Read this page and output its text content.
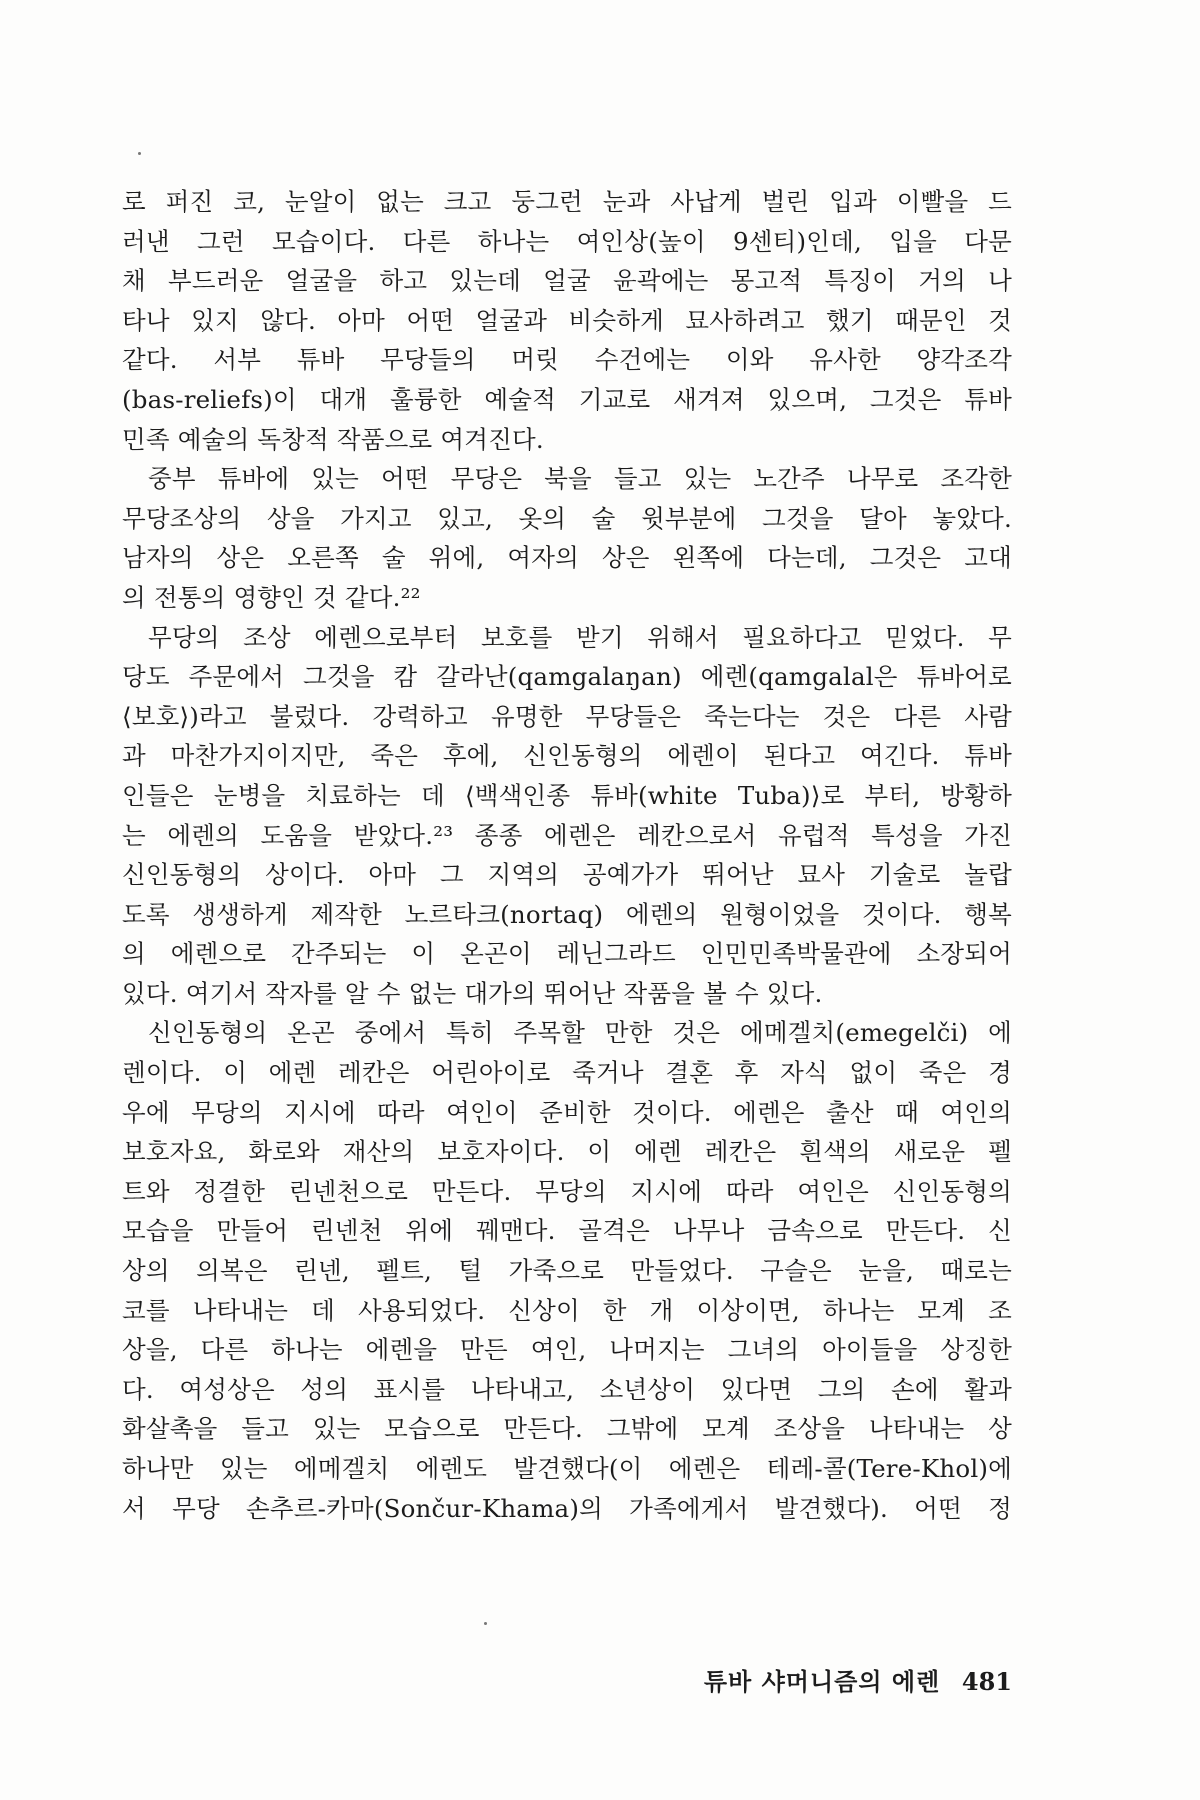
로 퍼진 코, 눈알이 없는 크고 둥그런 눈과 사납게 벌린 입과 이빨을 드
러낸 그런 모습이다. 다른 하나는 여인상(높이 9센티)인데, 입을 다문
채 부드러운 얼굴을 하고 있는데 얼굴 윤곽에는 몽고적 특징이 거의 나
타나 있지 않다. 아마 어떤 얼굴과 비슷하게 묘사하려고 했기 때문인 것
같다. 서부 튜바 무당들의 머릿 수건에는 이와 유사한 양각조각
(bas-reliefs)이 대개 훌륭한 예술적 기교로 새겨져 있으며, 그것은 튜바
민족 예술의 독창적 작품으로 여겨진다.
중부 튜바에 있는 어떤 무당은 북을 들고 있는 노간주 나무로 조각한
무당조상의 상을 가지고 있고, 옷의 술 윗부분에 그것을 달아 놓았다.
남자의 상은 오른쪽 술 위에, 여자의 상은 왼쪽에 다는데, 그것은 고대
의 전통의 영향인 것 같다.²²
무당의 조상 에렌으로부터 보호를 받기 위해서 필요하다고 믿었다. 무
당도 주문에서 그것을 캄 갈라난(qamgalaŋan) 에렌(qamgalal은 튜바어로
⟨보호⟩)라고 불렀다. 강력하고 유명한 무당들은 죽는다는 것은 다른 사람
과 마찬가지이지만, 죽은 후에, 신인동형의 에렌이 된다고 여긴다. 튜바
인들은 눈병을 치료하는 데 ⟨백색인종 튜바(white Tuba)⟩로 부터, 방황하
는 에렌의 도움을 받았다.²³ 종종 에렌은 레칸으로서 유럽적 특성을 가진
신인동형의 상이다. 아마 그 지역의 공예가가 뛰어난 묘사 기술로 놀랍
도록 생생하게 제작한 노르타크(nortaq) 에렌의 원형이었을 것이다. 행복
의 에렌으로 간주되는 이 온곤이 레닌그라드 인민민족박물관에 소장되어
있다. 여기서 작자를 알 수 없는 대가의 뛰어난 작품을 볼 수 있다.
신인동형의 온곤 중에서 특히 주목할 만한 것은 에메겔치(emegelči) 에
렌이다. 이 에렌 레칸은 어린아이로 죽거나 결혼 후 자식 없이 죽은 경
우에 무당의 지시에 따라 여인이 준비한 것이다. 에렌은 출산 때 여인의
보호자요, 화로와 재산의 보호자이다. 이 에렌 레칸은 흰색의 새로운 펠
트와 정결한 린넨천으로 만든다. 무당의 지시에 따라 여인은 신인동형의
모습을 만들어 린넨천 위에 꿰맨다. 골격은 나무나 금속으로 만든다. 신
상의 의복은 린넨, 펠트, 털 가죽으로 만들었다. 구슬은 눈을, 때로는
코를 나타내는 데 사용되었다. 신상이 한 개 이상이면, 하나는 모계 조
상을, 다른 하나는 에렌을 만든 여인, 나머지는 그녀의 아이들을 상징한
다. 여성상은 성의 표시를 나타내고, 소년상이 있다면 그의 손에 활과
화살촉을 들고 있는 모습으로 만든다. 그밖에 모계 조상을 나타내는 상
하나만 있는 에메겔치 에렌도 발견했다(이 에렌은 테레-콜(Tere-Khol)에
서 무당 손추르-카마(Sončur-Khama)의 가족에게서 발견했다). 어떤 정
튜바 샤머니즘의 에렌 481
